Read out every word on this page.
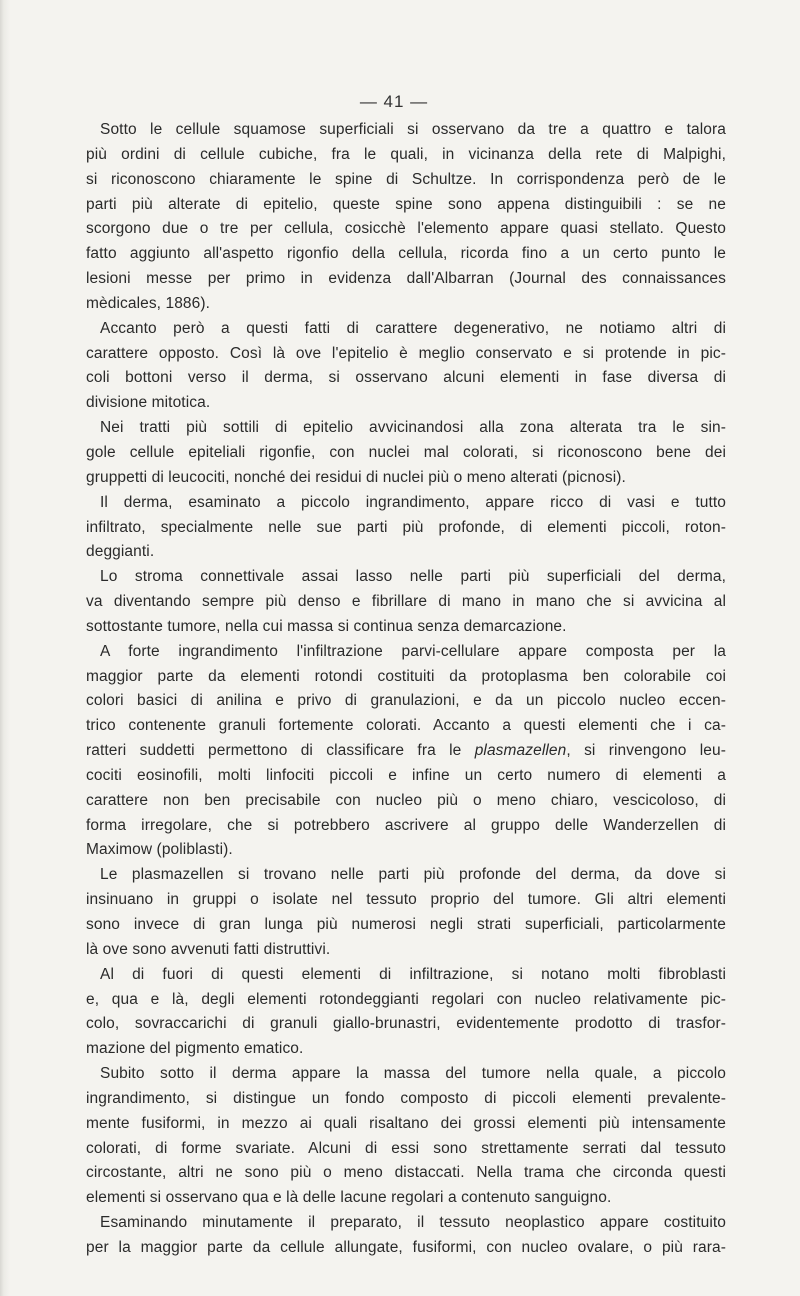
— 41 —
Sotto le cellule squamose superficiali si osservano da tre a quattro e talora
più ordini di cellule cubiche, fra le quali, in vicinanza della rete di Malpighi,
si riconoscono chiaramente le spine di Schultze. In corrispondenza però de le
parti più alterate di epitelio, queste spine sono appena distinguibili : se ne
scorgono due o tre per cellula, cosicchè l'elemento appare quasi stellato. Questo
fatto aggiunto all'aspetto rigonfio della cellula, ricorda fino a un certo punto le
lesioni messe per primo in evidenza dall'Albarran (Journal des connaissances
mèdicales, 1886).
Accanto però a questi fatti di carattere degenerativo, ne notiamo altri di
carattere opposto. Così là ove l'epitelio è meglio conservato e si protende in pic-
coli bottoni verso il derma, si osservano alcuni elementi in fase diversa di
divisione mitotica.
Nei tratti più sottili di epitelio avvicinandosi alla zona alterata tra le sin-
gole cellule epiteliali rigonfie, con nuclei mal colorati, si riconoscono bene dei
gruppetti di leucociti, nonché dei residui di nuclei più o meno alterati (picnosi).
Il derma, esaminato a piccolo ingrandimento, appare ricco di vasi e tutto
infiltrato, specialmente nelle sue parti più profonde, di elementi piccoli, roton-
deggianti.
Lo stroma connettivale assai lasso nelle parti più superficiali del derma,
va diventando sempre più denso e fibrillare di mano in mano che si avvicina al
sottostante tumore, nella cui massa si continua senza demarcazione.
A forte ingrandimento l'infiltrazione parvi-cellulare appare composta per la
maggior parte da elementi rotondi costituiti da protoplasma ben colorabile coi
colori basici di anilina e privo di granulazioni, e da un piccolo nucleo eccen-
trico contenente granuli fortemente colorati. Accanto a questi elementi che i ca-
ratteri suddetti permettono di classificare fra le plasmazellen, si rinvengono leu-
cociti eosinofili, molti linfociti piccoli e infine un certo numero di elementi a
carattere non ben precisabile con nucleo più o meno chiaro, vescicoloso, di
forma irregolare, che si potrebbero ascrivere al gruppo delle Wanderzellen di
Maximow (poliblasti).
Le plasmazellen si trovano nelle parti più profonde del derma, da dove si
insinuano in gruppi o isolate nel tessuto proprio del tumore. Gli altri elementi
sono invece di gran lunga più numerosi negli strati superficiali, particolarmente
là ove sono avvenuti fatti distruttivi.
Al di fuori di questi elementi di infiltrazione, si notano molti fibroblasti
e, qua e là, degli elementi rotondeggianti regolari con nucleo relativamente pic-
colo, sovraccarichi di granuli giallo-brunastri, evidentemente prodotto di trasfor-
mazione del pigmento ematico.
Subito sotto il derma appare la massa del tumore nella quale, a piccolo
ingrandimento, si distingue un fondo composto di piccoli elementi prevalente-
mente fusiformi, in mezzo ai quali risaltano dei grossi elementi più intensamente
colorati, di forme svariate. Alcuni di essi sono strettamente serrati dal tessuto
circostante, altri ne sono più o meno distaccati. Nella trama che circonda questi
elementi si osservano qua e là delle lacune regolari a contenuto sanguigno.
Esaminando minutamente il preparato, il tessuto neoplastico appare costituito
per la maggior parte da cellule allungate, fusiformi, con nucleo ovalare, o più rara-
